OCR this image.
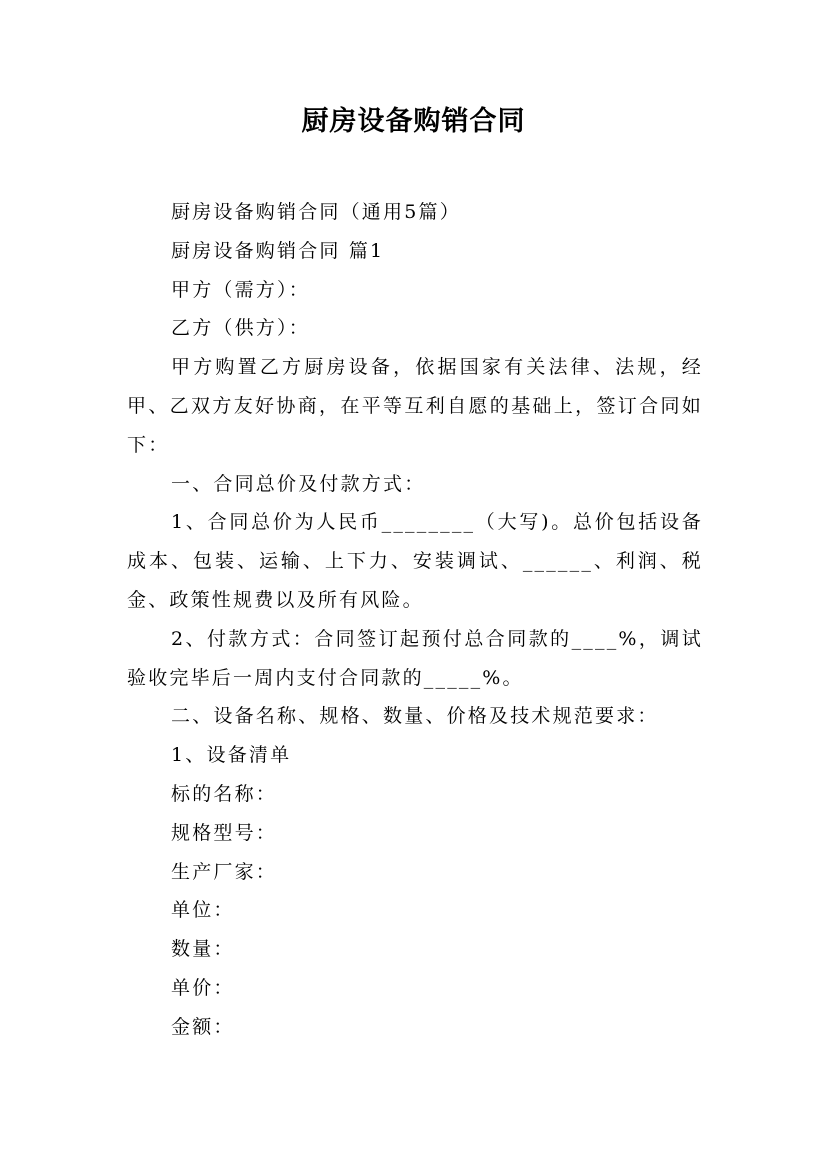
厨房设备购销合同

厨房设备购销合同（通用5篇）

厨房设备购销合同 篇1

甲方（需方）：

乙方（供方）：

甲方购置乙方厨房设备，依据国家有关法律、法规，经甲、乙双方友好协商，在平等互利自愿的基础上，签订合同如下：

一、合同总价及付款方式：

1、合同总价为人民币________（大写)。总价包括设备成本、包装、运输、上下力、安装调试、______、利润、税金、政策性规费以及所有风险。

2、付款方式：合同签订起预付总合同款的____%，调试验收完毕后一周内支付合同款的_____%。

二、设备名称、规格、数量、价格及技术规范要求：

1、设备清单

标的名称：

规格型号：

生产厂家：

单位：

数量：

单价：

金额：
